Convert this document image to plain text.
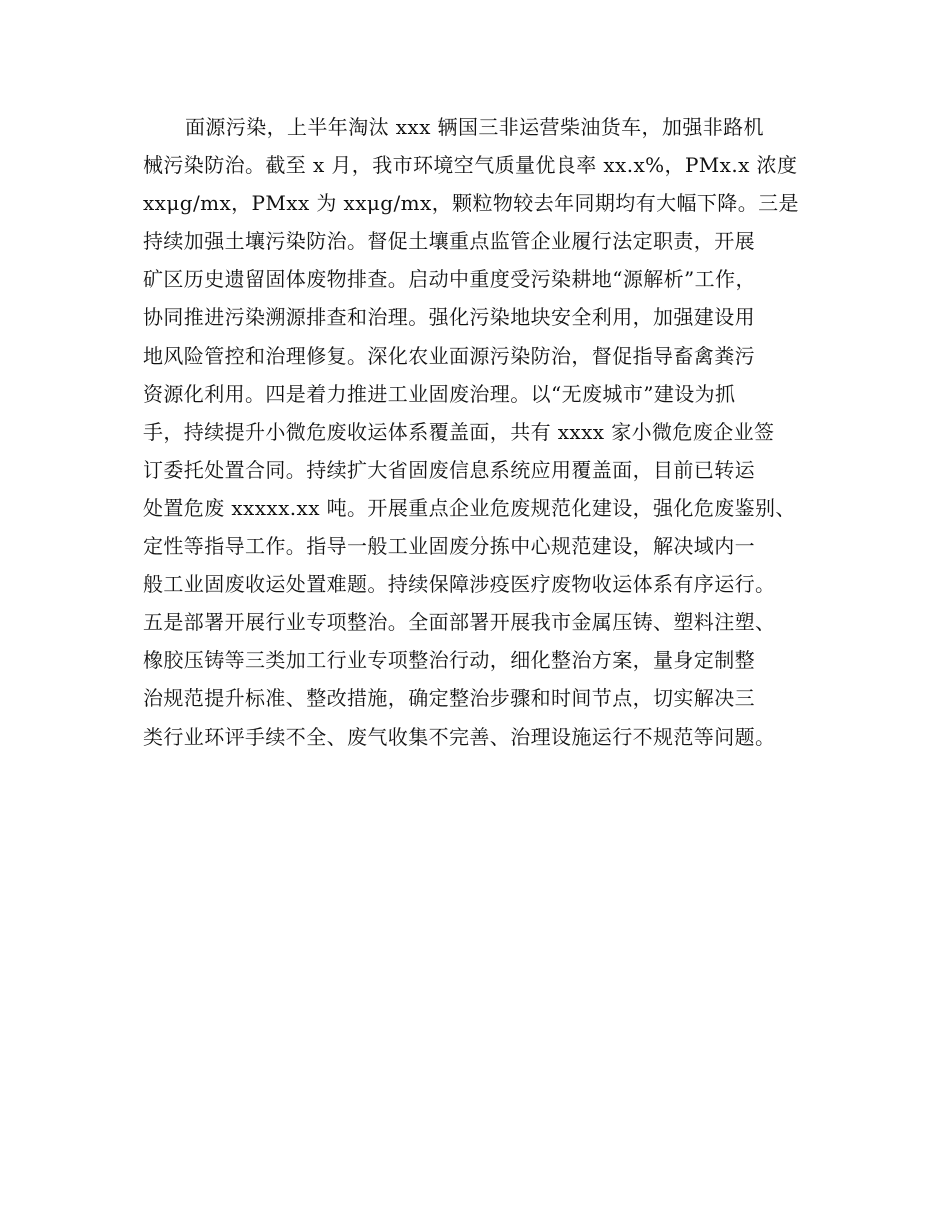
面源污染，上半年淘汰 xxx 辆国三非运营柴油货车，加强非路机
械污染防治。截至 x 月，我市环境空气质量优良率 xx.x%，PMx.x 浓度
xxμg/mx，PMxx 为 xxμg/mx，颗粒物较去年同期均有大幅下降。三是
持续加强土壤污染防治。督促土壤重点监管企业履行法定职责，开展
矿区历史遗留固体废物排查。启动中重度受污染耕地“源解析”工作，
协同推进污染溯源排查和治理。强化污染地块安全利用，加强建设用
地风险管控和治理修复。深化农业面源污染防治，督促指导畜禽粪污
资源化利用。四是着力推进工业固废治理。以“无废城市”建设为抓
手，持续提升小微危废收运体系覆盖面，共有 xxxx 家小微危废企业签
订委托处置合同。持续扩大省固废信息系统应用覆盖面，目前已转运
处置危废 xxxxx.xx 吨。开展重点企业危废规范化建设，强化危废鉴别、
定性等指导工作。指导一般工业固废分拣中心规范建设，解决域内一
般工业固废收运处置难题。持续保障涉疫医疗废物收运体系有序运行。
五是部署开展行业专项整治。全面部署开展我市金属压铸、塑料注塑、
橡胶压铸等三类加工行业专项整治行动，细化整治方案，量身定制整
治规范提升标准、整改措施，确定整治步骤和时间节点，切实解决三
类行业环评手续不全、废气收集不完善、治理设施运行不规范等问题。
